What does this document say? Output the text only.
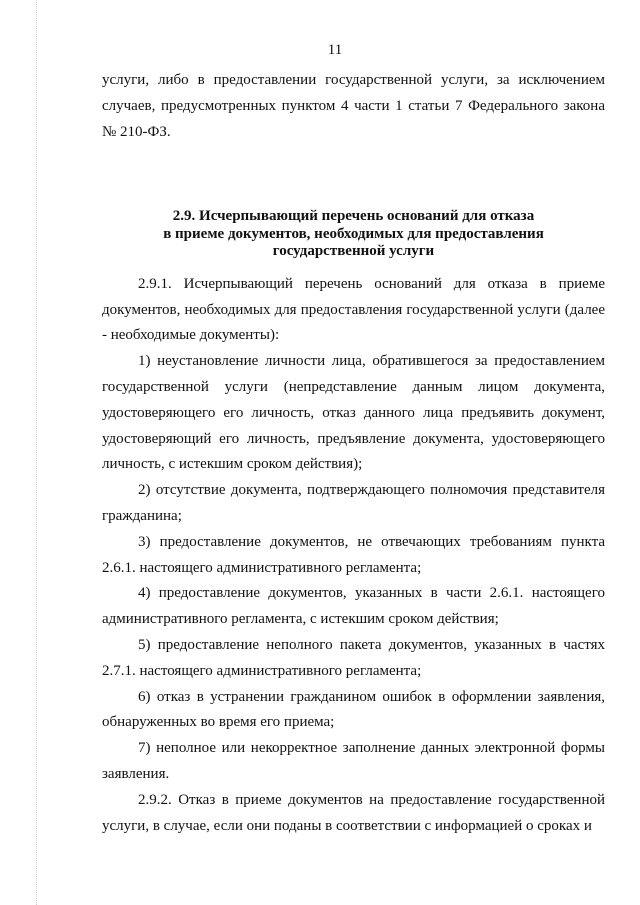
11

услуги, либо в предоставлении государственной услуги, за исключением случаев, предусмотренных пунктом 4 части 1 статьи 7 Федерального закона № 210-ФЗ.

2.9. Исчерпывающий перечень оснований для отказа
в приеме документов, необходимых для предоставления
государственной услуги

2.9.1. Исчерпывающий перечень оснований для отказа в приеме документов, необходимых для предоставления государственной услуги (далее - необходимые документы):

1) неустановление личности лица, обратившегося за предоставлением государственной услуги (непредставление данным лицом документа, удостоверяющего его личность, отказ данного лица предъявить документ, удостоверяющий его личность, предъявление документа, удостоверяющего личность, с истекшим сроком действия);

2) отсутствие документа, подтверждающего полномочия представителя гражданина;

3) предоставление документов, не отвечающих требованиям пункта 2.6.1. настоящего административного регламента;

4) предоставление документов, указанных в части 2.6.1. настоящего административного регламента, с истекшим сроком действия;

5) предоставление неполного пакета документов, указанных в частях 2.7.1. настоящего административного регламента;

6) отказ в устранении гражданином ошибок в оформлении заявления, обнаруженных во время его приема;

7) неполное или некорректное заполнение данных электронной формы заявления.

2.9.2. Отказ в приеме документов на предоставление государственной услуги, в случае, если они поданы в соответствии с информацией о сроках и
